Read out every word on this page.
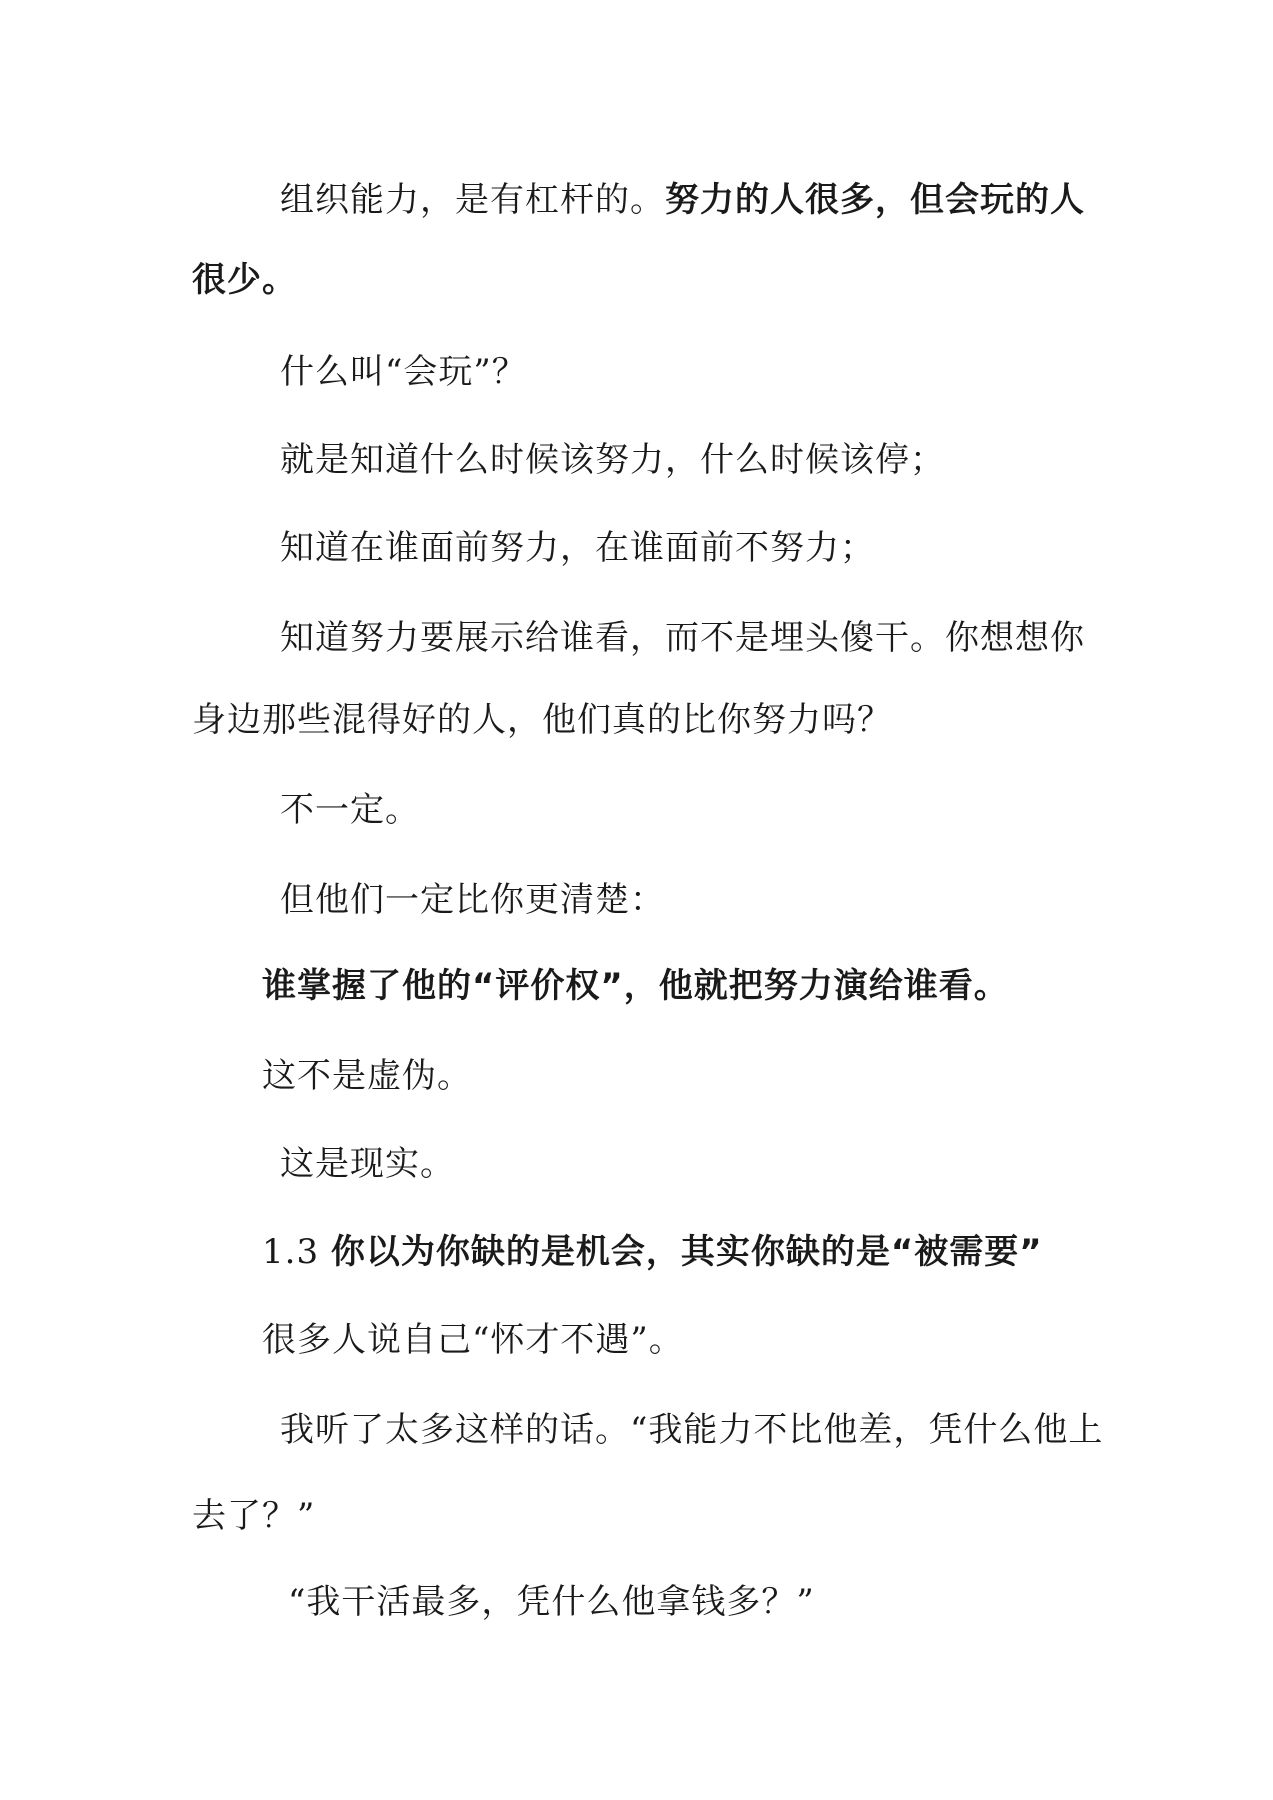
组织能力，是有杠杆的。努力的人很多，但会玩的人
很少。
什么叫“会玩”？
就是知道什么时候该努力，什么时候该停；
知道在谁面前努力，在谁面前不努力；
知道努力要展示给谁看，而不是埋头傻干。你想想你
身边那些混得好的人，他们真的比你努力吗？
不一定。
但他们一定比你更清楚：
谁掌握了他的“评价权”，他就把努力演给谁看。
这不是虚伪。
这是现实。
1.3 你以为你缺的是机会，其实你缺的是“被需要”
很多人说自己“怀才不遇”。
我听了太多这样的话。“我能力不比他差，凭什么他上
去了？”
“我干活最多，凭什么他拿钱多？”
